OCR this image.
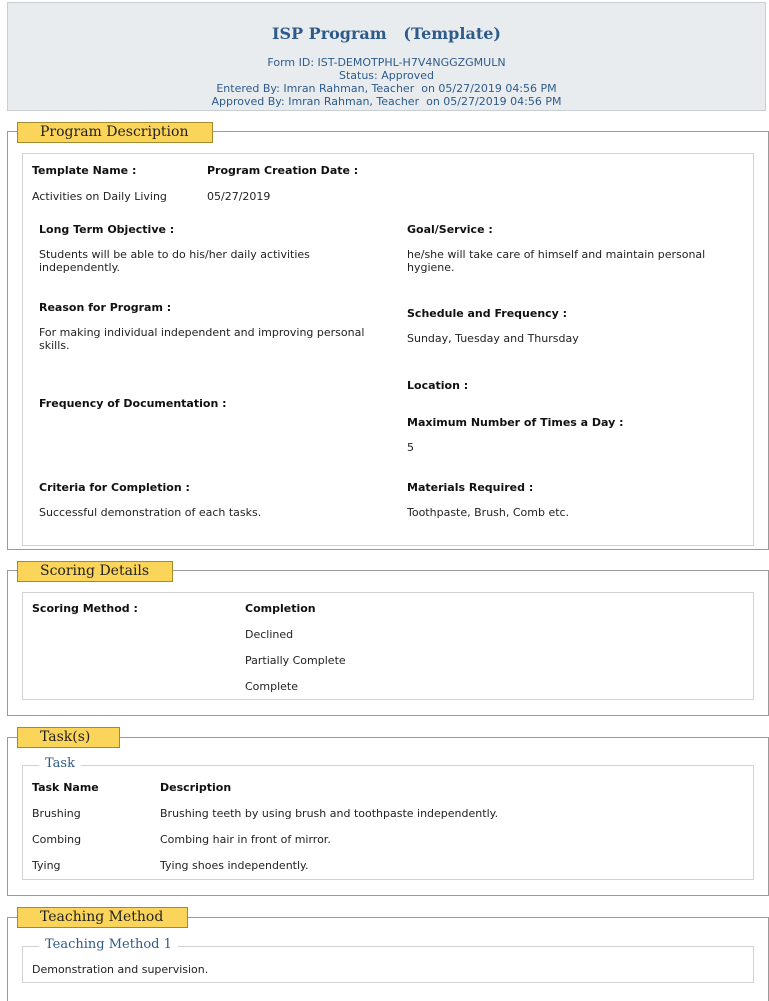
ISP Program   (Template)
Form ID: IST-DEMOTPHL-H7V4NGGZGMULN
Status: Approved
Entered By: Imran Rahman, Teacher  on 05/27/2019 04:56 PM
Approved By: Imran Rahman, Teacher  on 05/27/2019 04:56 PM
Template Name :
Activities on Daily Living
Program Creation Date :
05/27/2019
Long Term Objective :
Students will be able to do his/her daily activities independently.
Goal/Service :
he/she will take care of himself and maintain personal hygiene.
Reason for Program :
For making individual independent and improving personal skills.
Schedule and Frequency :
Sunday, Tuesday and Thursday
Location :
Frequency of Documentation :
Maximum Number of Times a Day :
5
Criteria for Completion :
Successful demonstration of each tasks.
Materials Required :
Toothpaste, Brush, Comb etc.
Program Description
Scoring Method :	Completion
Declined
Partially Complete
Complete
Scoring Details
Task Name	Description
Brushing	Brushing teeth by using brush and toothpaste independently.
Combing	Combing hair in front of mirror.
Tying	Tying shoes independently.
Task
Task(s)
Demonstration and supervision.
Teaching Method 1
Teaching Method
